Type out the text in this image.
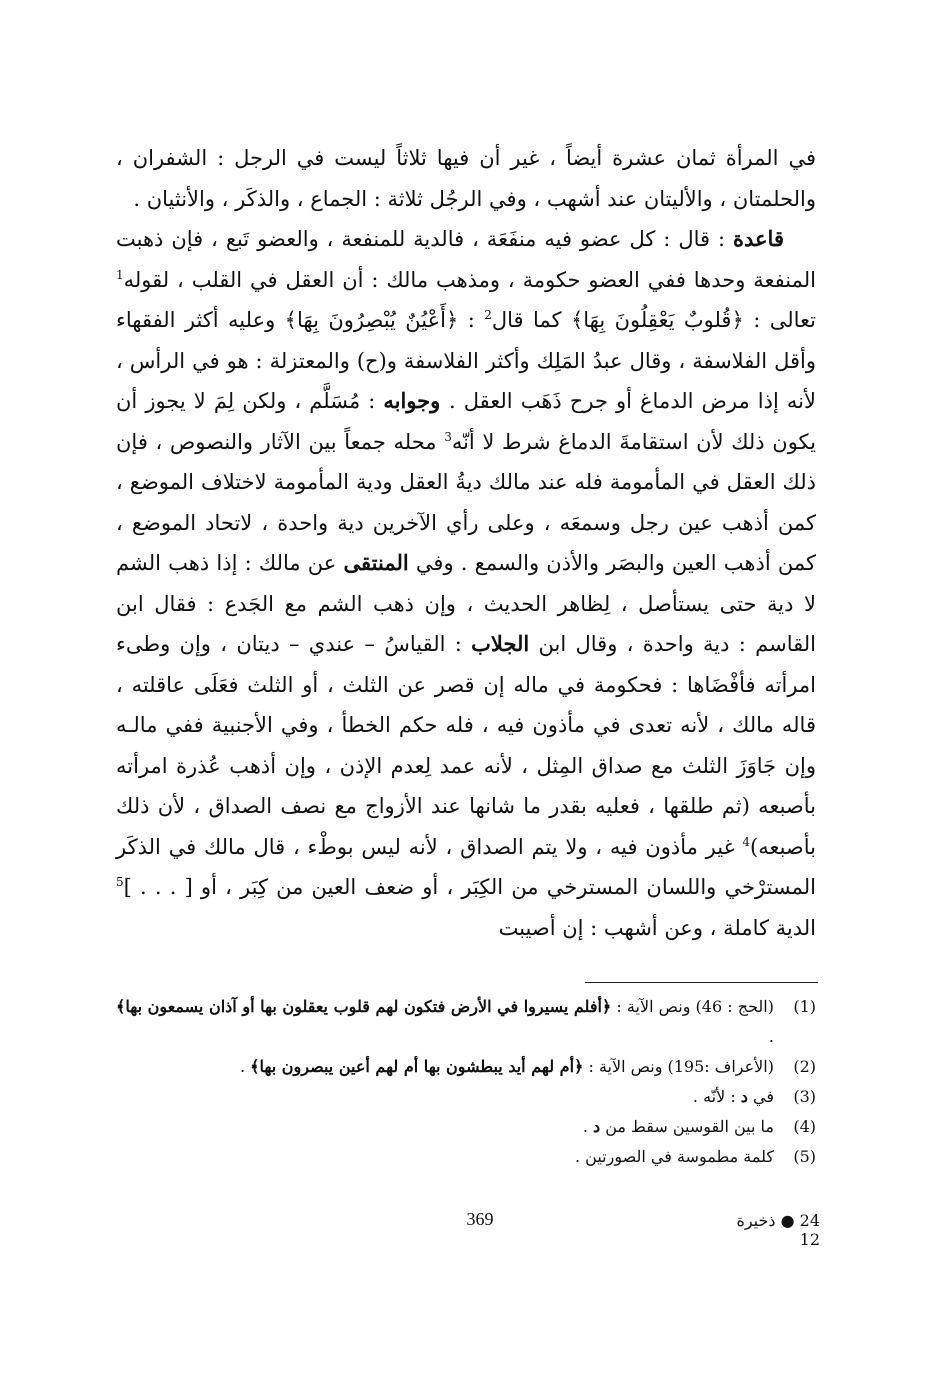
في المرأة ثمان عشرة أيضاً ، غير أن فيها ثلاثاً ليست في الرجل : الشفران ، والحلمتان ، والأليتان عند أشهب ، وفي الرجُل ثلاثة : الجماع ، والذكَر ، والأنثيان .

قاعدة : قال : كل عضو فيه منفَعَة ، فالدية للمنفعة ، والعضو تَبع ، فإن ذهبت المنفعة وحدها ففي العضو حكومة ، ومذهب مالك : أن العقل في القلب ، لقوله$^1$ تعالى : ﴿قُلوبٌ يَعْقِلُونَ بِهَا﴾ كما قال$^2$ : ﴿أَعْيُنٌ يُبْصِرُونَ بِهَا﴾ وعليه أكثر الفقهاء وأقل الفلاسفة ، وقال عبدُ المَلِك وأكثر الفلاسفة و(ح) والمعتزلة : هو في الرأس ، لأنه إذا مرض الدماغ أو جرح ذَهَب العقل . وجوابه : مُسَلَّم ، ولكن لِمَ لا يجوز أن يكون ذلك لأن استقامةَ الدماغ شرط لا أنّه$^3$ محله جمعاً بين الآثار والنصوص ، فإن ذلك العقل في المأمومة فله عند مالك ديةُ العقل ودية المأمومة لاختلاف الموضع ، كمن أذهب عين رجل وسمعَه ، وعلى رأي الآخرين دية واحدة ، لاتحاد الموضع ، كمن أذهب العين والبصَر والأذن والسمع . وفي المنتقى عن مالك : إذا ذهب الشم لا دية حتى يستأصل ، لِظاهر الحديث ، وإن ذهب الشم مع الجَدع : فقال ابن القاسم : دية واحدة ، وقال ابن الجلاب : القياسُ – عندي – ديتان ، وإن وطىء امرأته فأفْضَاها : فحكومة في ماله إن قصر عن الثلث ، أو الثلث فعَلَى عاقلته ، قاله مالك ، لأنه تعدى في مأذون فيه ، فله حكم الخطأ ، وفي الأجنبية ففي مالـه وإن جَاوَزَ الثلث مع صداق المِثل ، لأنه عمد لِعدم الإذن ، وإن أذهب عُذرة امرأته بأصبعه (ثم طلقها ، فعليه بقدر ما شانها عند الأزواج مع نصف الصداق ، لأن ذلك بأصبعه)$^4$ غير مأذون فيه ، ولا يتم الصداق ، لأنه ليس بوطْء ، قال مالك في الذكَر المسترْخي واللسان المسترخي من الكِبَر ، أو ضعف العين من كِبَر ، أو [ . . . ]$^5$ الدية كاملة ، وعن أشهب : إن أصيبت

(1)
(الحج : 46) ونص الآية : ﴿أفلم يسيروا في الأرض فتكون لهم قلوب يعقلون بها أو آذان يسمعون بها﴾ .
(2)
(الأعراف :195) ونص الآية : ﴿أم لهم أيد يبطشون بها أم لهم أعين يبصرون بها﴾ .
(3)
في د : لأنّه .
(4)
ما بين القوسين سقط من د .
(5)
كلمة مطموسة في الصورتين .
369	24 ● ذخيرة 12
